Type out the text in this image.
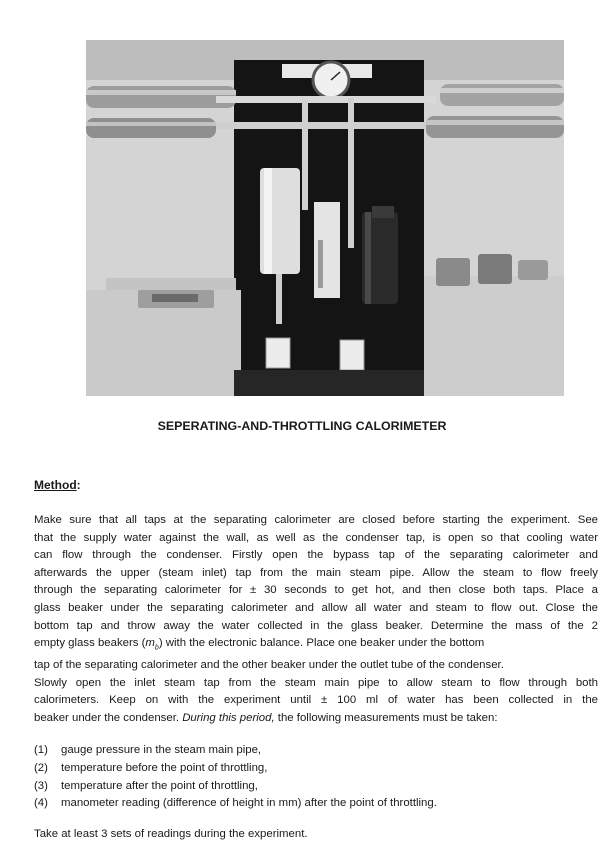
SEPERATING-AND-THROTTLING CALORIMETER
Method:
Make sure that all taps at the separating calorimeter are closed before starting the experiment. See
that the supply water against the wall, as well as the condenser tap, is open so that cooling water
can flow through the condenser. Firstly open the bypass tap of the separating calorimeter and
afterwards the upper (steam inlet) tap from the main steam pipe. Allow the steam to flow freely
through the separating calorimeter for ± 30 seconds to get hot, and then close both taps. Place a
glass beaker under the separating calorimeter and allow all water and steam to flow out. Close the
bottom tap and throw away the water collected in the glass beaker. Determine the mass of the 2
empty glass beakers $(m_b)$ with the electronic balance. Place one beaker under the bottom
tap of the separating calorimeter and the other beaker under the outlet tube of the condenser.
Slowly open the inlet steam tap from the steam main pipe to allow steam to flow through both
calorimeters. Keep on with the experiment until ± 100 ml of water has been collected in the
beaker under the condenser. During this period, the following measurements must be taken:
(1) gauge pressure in the steam main pipe,
(2) temperature before the point of throttling,
(3) temperature after the point of throttling,
(4) manometer reading (difference of height in mm) after the point of throttling.
Take at least 3 sets of readings during the experiment.
